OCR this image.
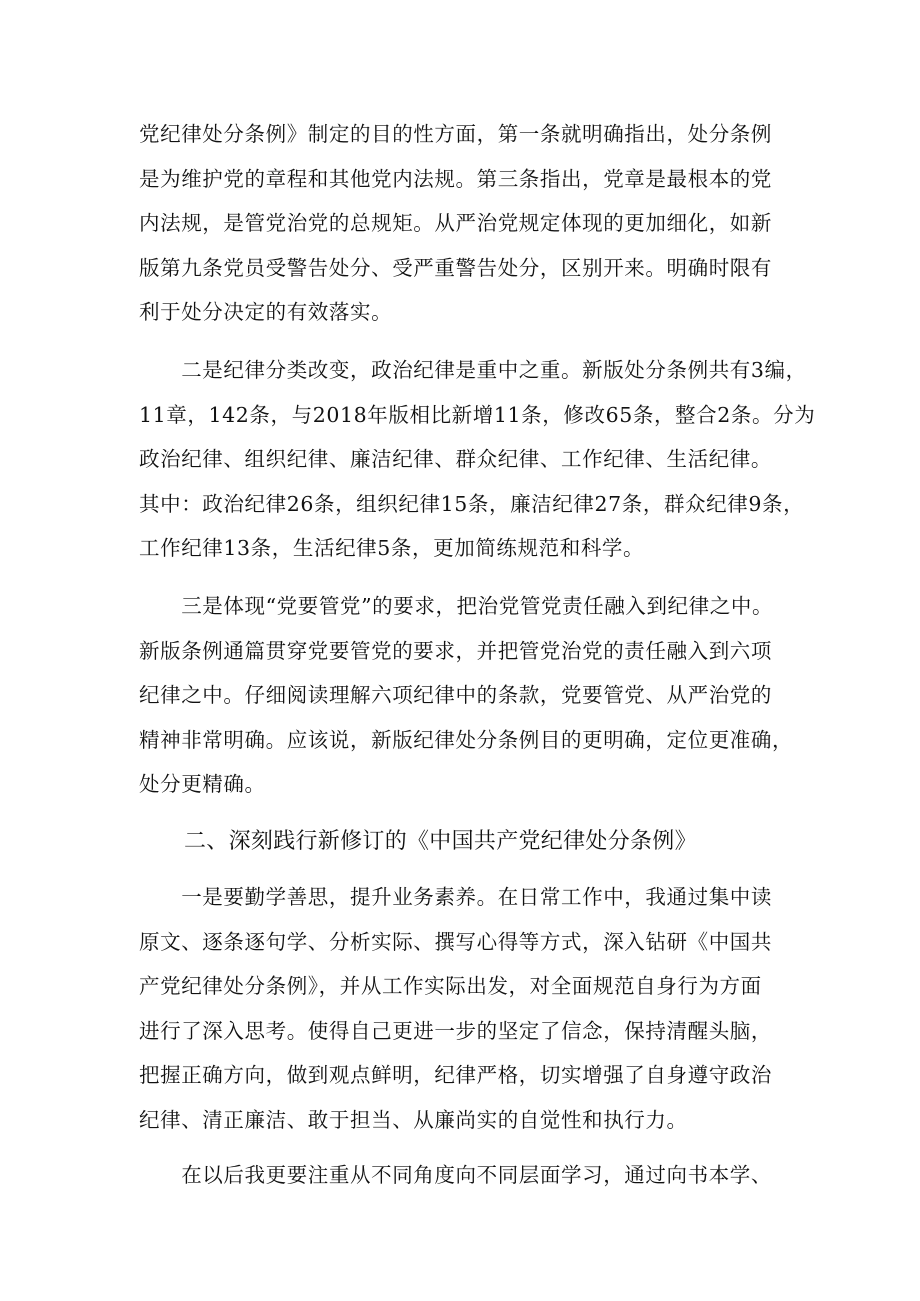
党纪律处分条例》制定的目的性方面，第一条就明确指出，处分条例
是为维护党的章程和其他党内法规。第三条指出，党章是最根本的党
内法规，是管党治党的总规矩。从严治党规定体现的更加细化，如新
版第九条党员受警告处分、受严重警告处分，区别开来。明确时限有
利于处分决定的有效落实。
　　二是纪律分类改变，政治纪律是重中之重。新版处分条例共有3编，
11章，142条，与2018年版相比新增11条，修改65条，整合2条。分为
政治纪律、组织纪律、廉洁纪律、群众纪律、工作纪律、生活纪律。
其中：政治纪律26条，组织纪律15条，廉洁纪律27条，群众纪律9条，
工作纪律13条，生活纪律5条，更加简练规范和科学。
　　三是体现“党要管党”的要求，把治党管党责任融入到纪律之中。
新版条例通篇贯穿党要管党的要求，并把管党治党的责任融入到六项
纪律之中。仔细阅读理解六项纪律中的条款，党要管党、从严治党的
精神非常明确。应该说，新版纪律处分条例目的更明确，定位更准确，
处分更精确。
二、深刻践行新修订的《中国共产党纪律处分条例》
　　一是要勤学善思，提升业务素养。在日常工作中，我通过集中读
原文、逐条逐句学、分析实际、撰写心得等方式，深入钻研《中国共
产党纪律处分条例》，并从工作实际出发，对全面规范自身行为方面
进行了深入思考。使得自己更进一步的坚定了信念，保持清醒头脑，
把握正确方向，做到观点鲜明，纪律严格，切实增强了自身遵守政治
纪律、清正廉洁、敢于担当、从廉尚实的自觉性和执行力。
　　在以后我更要注重从不同角度向不同层面学习，通过向书本学、
